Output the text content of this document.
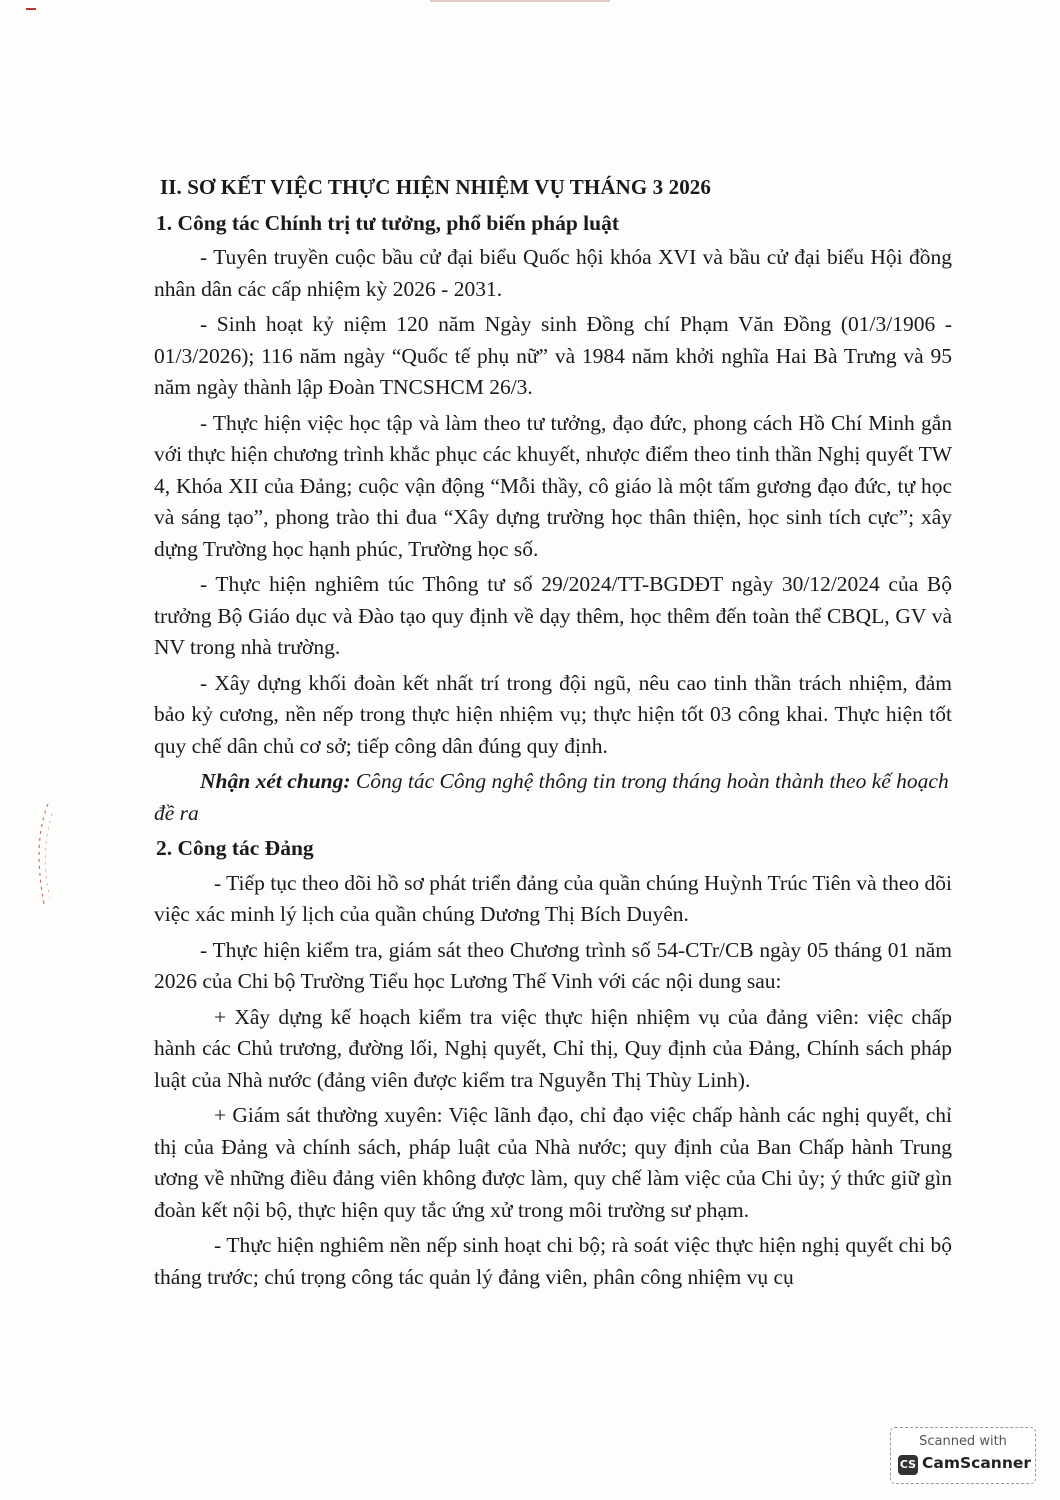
II. SƠ KẾT VIỆC THỰC HIỆN NHIỆM VỤ THÁNG 3 2026
1. Công tác Chính trị tư tưởng, phổ biến pháp luật

- Tuyên truyền cuộc bầu cử đại biểu Quốc hội khóa XVI và bầu cử đại biểu Hội đồng nhân dân các cấp nhiệm kỳ 2026 - 2031.

- Sinh hoạt kỷ niệm 120 năm Ngày sinh Đồng chí Phạm Văn Đồng (01/3/1906 - 01/3/2026); 116 năm ngày “Quốc tế phụ nữ” và 1984 năm khởi nghĩa Hai Bà Trưng và 95 năm ngày thành lập Đoàn TNCSHCM 26/3.

- Thực hiện việc học tập và làm theo tư tưởng, đạo đức, phong cách Hồ Chí Minh gắn với thực hiện chương trình khắc phục các khuyết, nhược điểm theo tinh thần Nghị quyết TW 4, Khóa XII của Đảng; cuộc vận động “Mỗi thầy, cô giáo là một tấm gương đạo đức, tự học và sáng tạo”, phong trào thi đua “Xây dựng trường học thân thiện, học sinh tích cực”; xây dựng Trường học hạnh phúc, Trường học số.

- Thực hiện nghiêm túc Thông tư số 29/2024/TT-BGDĐT ngày 30/12/2024 của Bộ trưởng Bộ Giáo dục và Đào tạo quy định về dạy thêm, học thêm đến toàn thể CBQL, GV và NV trong nhà trường.

- Xây dựng khối đoàn kết nhất trí trong đội ngũ, nêu cao tinh thần trách nhiệm, đảm bảo kỷ cương, nền nếp trong thực hiện nhiệm vụ; thực hiện tốt 03 công khai. Thực hiện tốt quy chế dân chủ cơ sở; tiếp công dân đúng quy định.

Nhận xét chung: Công tác Công nghệ thông tin trong tháng hoàn thành theo kế hoạch đề ra
2. Công tác Đảng

- Tiếp tục theo dõi hồ sơ phát triển đảng của quần chúng Huỳnh Trúc Tiên và theo dõi việc xác minh lý lịch của quần chúng Dương Thị Bích Duyên.

- Thực hiện kiểm tra, giám sát theo Chương trình số 54-CTr/CB ngày 05 tháng 01 năm 2026 của Chi bộ Trường Tiểu học Lương Thế Vinh với các nội dung sau:

+ Xây dựng kế hoạch kiểm tra việc thực hiện nhiệm vụ của đảng viên: việc chấp hành các Chủ trương, đường lối, Nghị quyết, Chỉ thị, Quy định của Đảng, Chính sách pháp luật của Nhà nước (đảng viên được kiểm tra Nguyễn Thị Thùy Linh).

+ Giám sát thường xuyên: Việc lãnh đạo, chỉ đạo việc chấp hành các nghị quyết, chỉ thị của Đảng và chính sách, pháp luật của Nhà nước; quy định của Ban Chấp hành Trung ương về những điều đảng viên không được làm, quy chế làm việc của Chi ủy; ý thức giữ gìn đoàn kết nội bộ, thực hiện quy tắc ứng xử trong môi trường sư phạm.

- Thực hiện nghiêm nền nếp sinh hoạt chi bộ; rà soát việc thực hiện nghị quyết chi bộ tháng trước; chú trọng công tác quản lý đảng viên, phân công nhiệm vụ cụ

Scanned with
CS CamScanner
